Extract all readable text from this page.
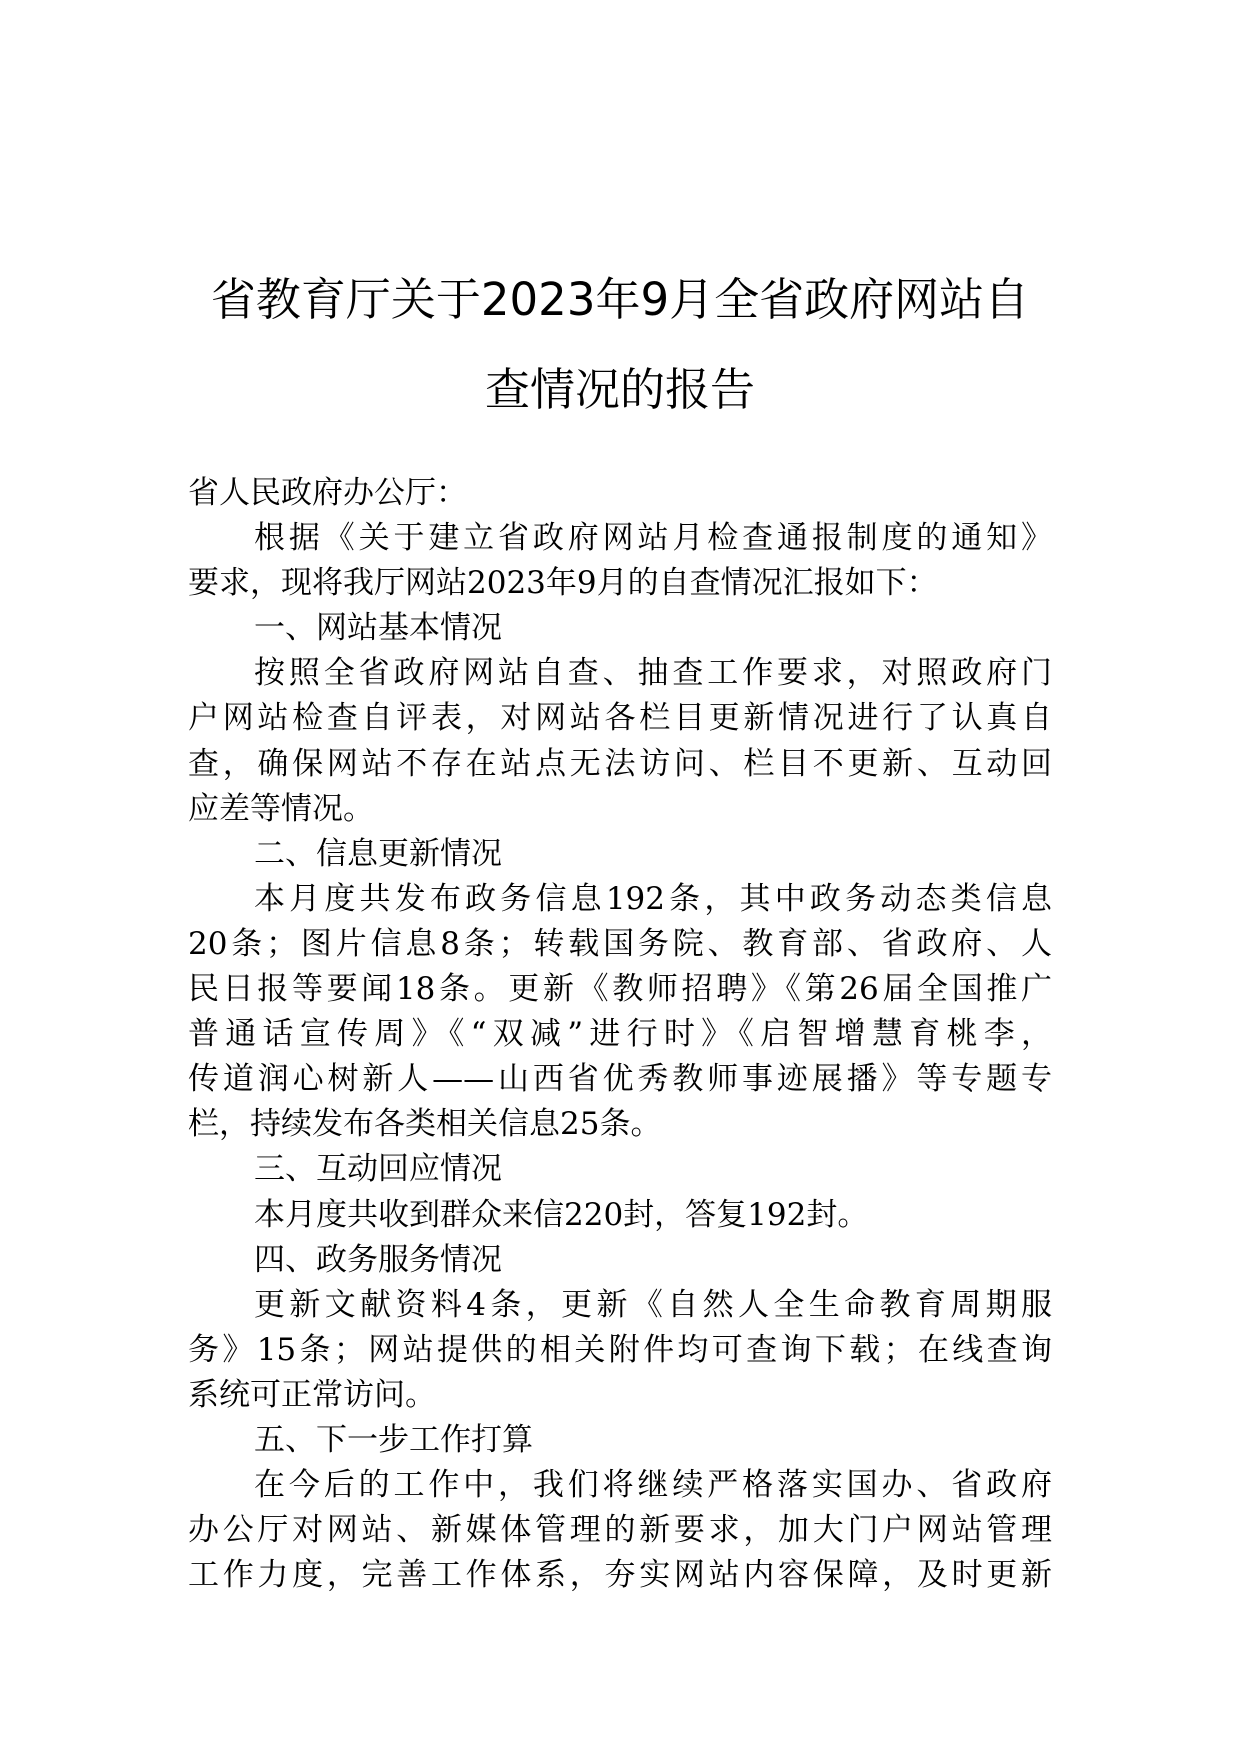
省教育厅关于2023年9月全省政府网站自
查情况的报告
省人民政府办公厅：
根据《关于建立省政府网站月检查通报制度的通知》
要求，现将我厅网站2023年9月的自查情况汇报如下：
一、网站基本情况
按照全省政府网站自查、抽查工作要求，对照政府门
户网站检查自评表，对网站各栏目更新情况进行了认真自
查，确保网站不存在站点无法访问、栏目不更新、互动回
应差等情况。
二、信息更新情况
本月度共发布政务信息192条，其中政务动态类信息
20条；图片信息8条；转载国务院、教育部、省政府、人
民日报等要闻18条。更新《教师招聘》《第26届全国推广
普通话宣传周》《“双减”进行时》《启智增慧育桃李，
传道润心树新人——山西省优秀教师事迹展播》等专题专
栏，持续发布各类相关信息25条。
三、互动回应情况
本月度共收到群众来信220封，答复192封。
四、政务服务情况
更新文献资料4条，更新《自然人全生命教育周期服
务》15条；网站提供的相关附件均可查询下载；在线查询
系统可正常访问。
五、下一步工作打算
在今后的工作中，我们将继续严格落实国办、省政府
办公厅对网站、新媒体管理的新要求，加大门户网站管理
工作力度，完善工作体系，夯实网站内容保障，及时更新
